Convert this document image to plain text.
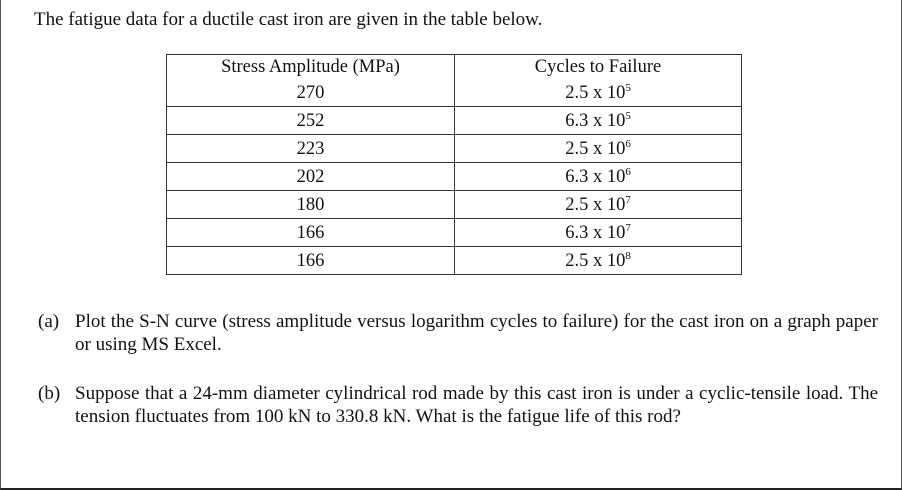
The fatigue data for a ductile cast iron are given in the table below.
Stress Amplitude (MPa)	Cycles to Failure
270	2.5 x $10^5$
252	6.3 x $10^5$
223	2.5 x $10^6$
202	6.3 x $10^6$
180	2.5 x $10^7$
166	6.3 x $10^7$
166	2.5 x $10^8$
(a) Plot the S-N curve (stress amplitude versus logarithm cycles to failure) for the cast iron on a graph paper or using MS Excel.
(b) Suppose that a 24-mm diameter cylindrical rod made by this cast iron is under a cyclic-tensile load. The tension fluctuates from 100 kN to 330.8 kN. What is the fatigue life of this rod?
